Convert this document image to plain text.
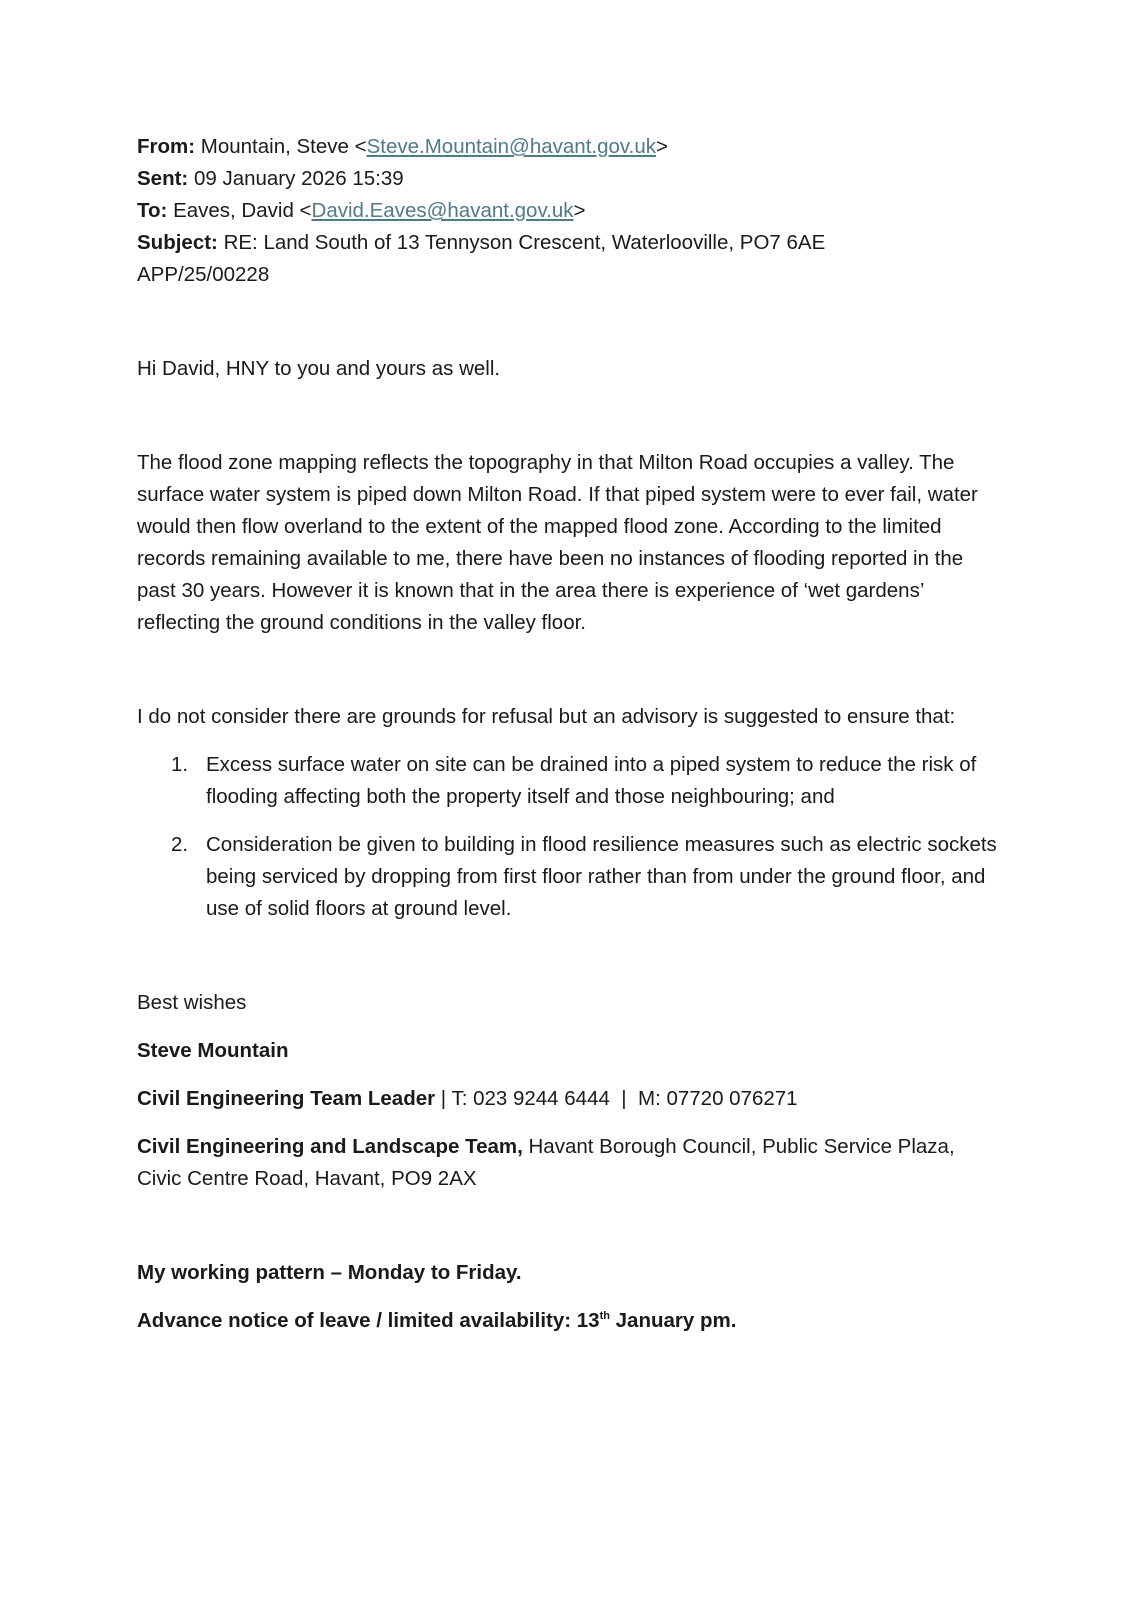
From: Mountain, Steve <Steve.Mountain@havant.gov.uk>

Sent: 09 January 2026 15:39

To: Eaves, David <David.Eaves@havant.gov.uk>

Subject: RE: Land South of 13 Tennyson Crescent, Waterlooville, PO7 6AE

APP/25/00228

Hi David, HNY to you and yours as well.

The flood zone mapping reflects the topography in that Milton Road occupies a valley. The surface water system is piped down Milton Road. If that piped system were to ever fail, water would then flow overland to the extent of the mapped flood zone. According to the limited records remaining available to me, there have been no instances of flooding reported in the past 30 years. However it is known that in the area there is experience of ‘wet gardens’ reflecting the ground conditions in the valley floor.

I do not consider there are grounds for refusal but an advisory is suggested to ensure that:

1. Excess surface water on site can be drained into a piped system to reduce the risk of flooding affecting both the property itself and those neighbouring; and
2. Consideration be given to building in flood resilience measures such as electric sockets being serviced by dropping from first floor rather than from under the ground floor, and use of solid floors at ground level.

Best wishes

Steve Mountain

Civil Engineering Team Leader | T: 023 9244 6444  |  M: 07720 076271

Civil Engineering and Landscape Team, Havant Borough Council, Public Service Plaza, Civic Centre Road, Havant, PO9 2AX

My working pattern – Monday to Friday.

Advance notice of leave / limited availability: 13th January pm.
